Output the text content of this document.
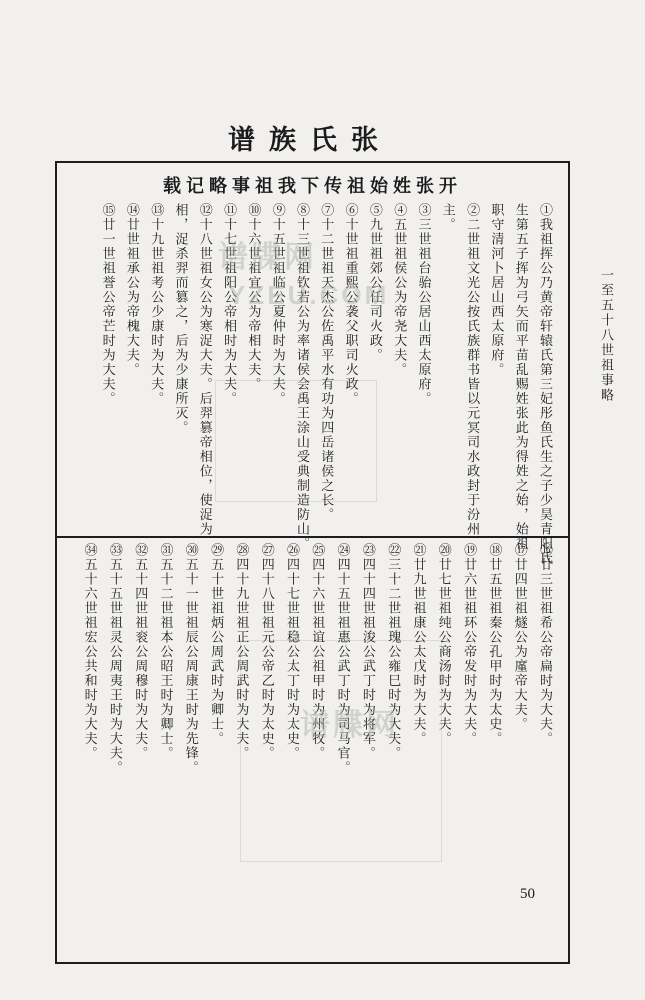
谱族氏张
一至五十八世祖事略
载记略事祖我下传祖始姓张开
①我祖挥公乃黄帝轩辕氏第三妃彤鱼氏生之子少昊青阳氏
生第五子挥为弓矢而平苗乱赐姓张此为得姓之始，始祖
职守清河卜居山西太原府。
②二世祖文光公按氏族群书皆以元冥司水政封于汾州
主。
③三世祖台骀公居山西太原府。
④五世祖侯公为帝尧大夫。
⑤九世祖郊公任司火政。
⑥十世祖重熙公袭父职司火政。
⑦十二世祖天杰公佐禹平水有功为四岳诸侯之长。
⑧十三世祖钦若公为率诸侯会禹王涂山受典制造防山。
⑨十五世祖临公夏仲时为大夫。
⑩十六世祖宜公为帝相大夫。
⑪十七世祖阳公帝相时为大夫。
⑫十八世祖女公为寒浞大夫。后羿篡帝相位，使浞为
相，浞杀羿而篡之，后为少康所灭。
⑬十九世祖考公少康时为大夫。
⑭廿世祖承公为帝槐大夫。
⑮廿一世祖誉公帝芒时为大夫。
⑯廿三世祖希公帝扁时为大夫。
⑰廿四世祖燧公为廑帝大夫。
⑱廿五世祖秦公孔甲时为太史。
⑲廿六世祖环公帝发时为大夫。
⑳廿七世祖纯公商汤时为大夫。
㉑廿九世祖康公太戊时为大夫。
㉒三十二世祖瑰公雍巳时为大夫。
㉓四十四世祖浚公武丁时为将军。
㉔四十五世祖惠公武丁时为司马官。
㉕四十六世祖谊公祖甲时为州牧。
㉖四十七世祖稳公太丁时为太史。
㉗四十八世祖元公帝乙时为太史。
㉘四十九世祖正公周武时为大夫。
㉙五十世祖炳公周武时为卿士。
㉚五十一世祖辰公周康王时为先锋。
㉛五十二世祖本公昭王时为卿士。
㉜五十四世祖衮公周穆时为大夫。
㉝五十五世祖灵公周夷王时为大夫。
㉞五十六世祖宏公共和时为大夫。
谱牒网
YZEU.COM
谱牒网
50
